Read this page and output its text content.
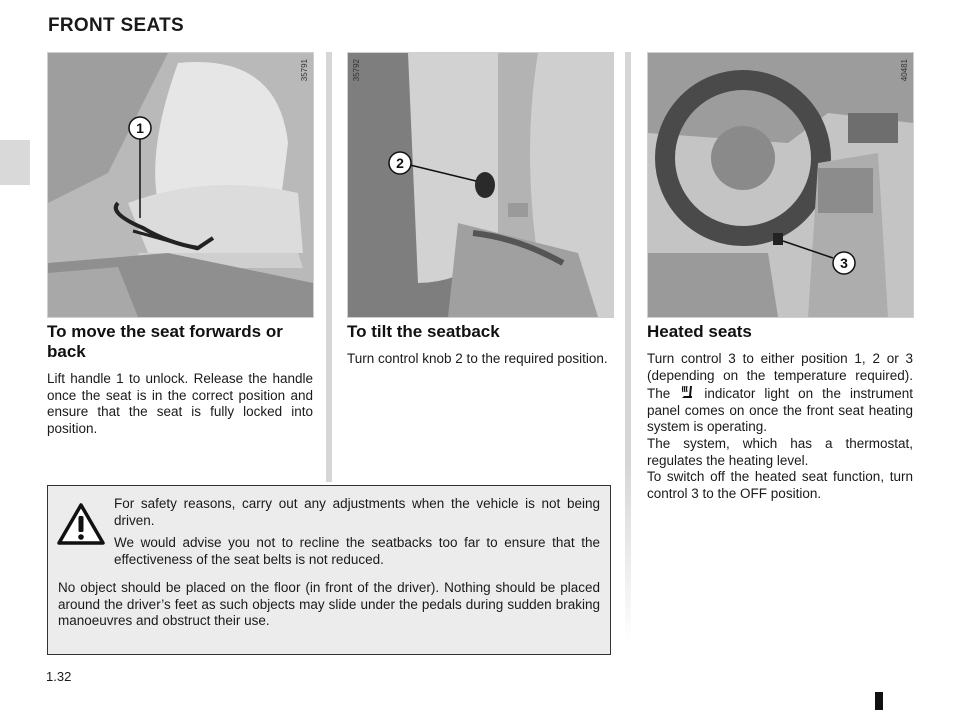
FRONT SEATS
1
35791
2
35792
3
40481
To move the seat forwards or back

Lift handle 1 to unlock. Release the handle once the seat is in the correct position and ensure that the seat is fully locked into position.

To tilt the seatback

Turn control knob 2 to the required position.

Heated seats

Turn control 3 to either position 1, 2 or 3 (depending on the temperature required). The	indicator light on the instrument panel comes on once the front seat heating system is operating.

The system, which has a thermostat, regulates the heating level.

To switch off the heated seat function, turn control 3 to the OFF position.

For safety reasons, carry out any adjustments when the vehicle is not being driven.

We would advise you not to recline the seatbacks too far to ensure that the effectiveness of the seat belts is not reduced.

No object should be placed on the floor (in front of the driver). Nothing should be placed around the driver’s feet as such objects may slide under the pedals during sudden braking manoeuvres and obstruct their use.

1.32
